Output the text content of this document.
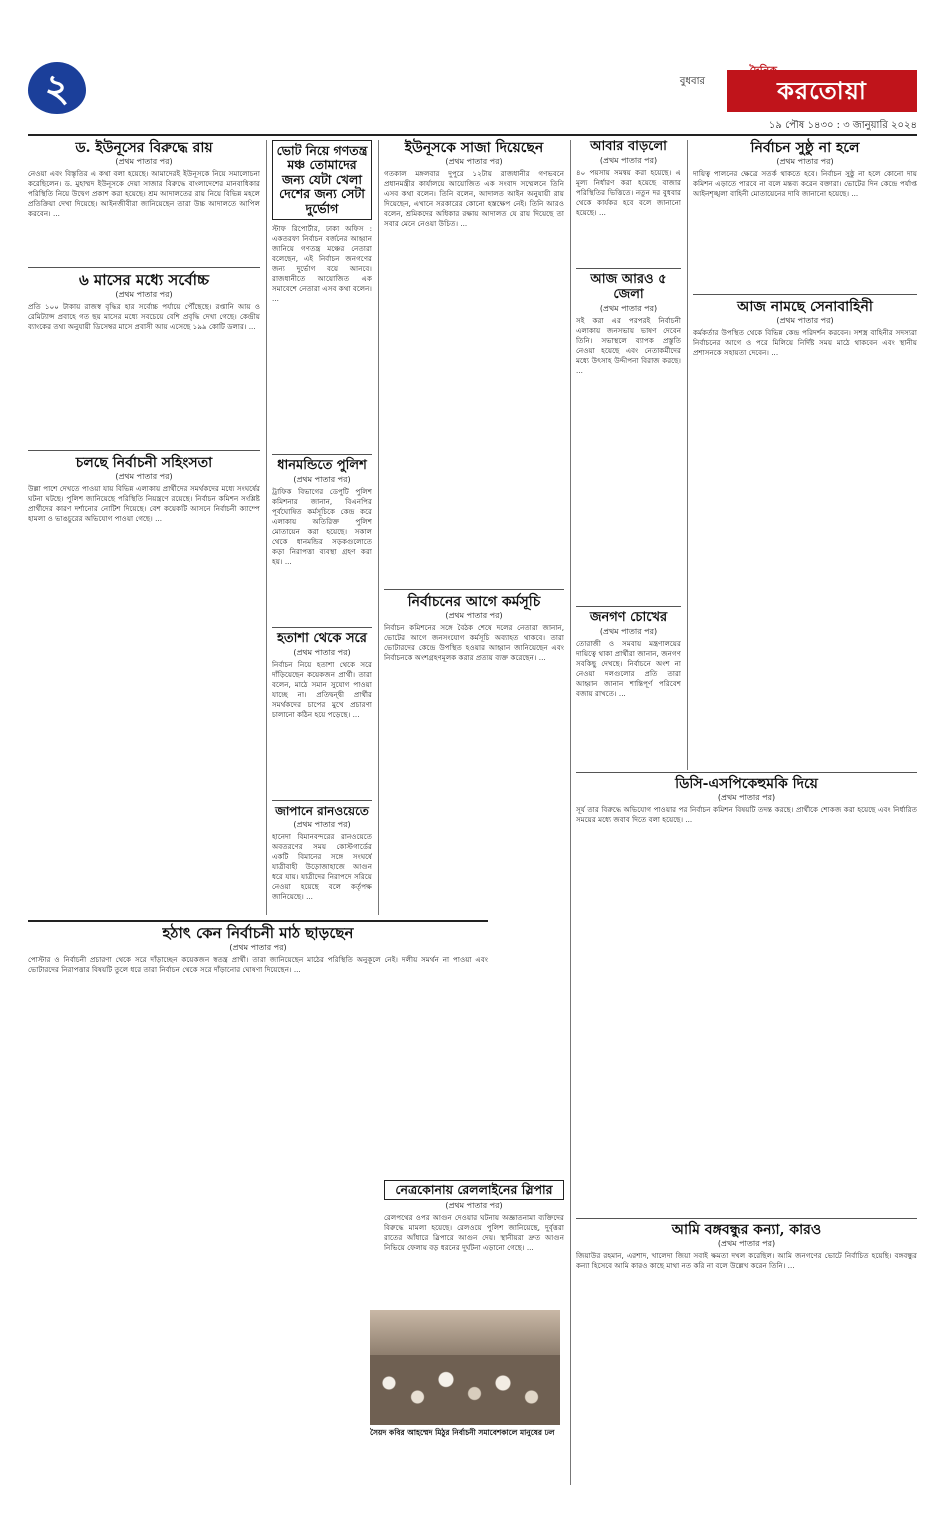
২	বুধবার	করতোয়া
১৯ পৌষ ১৪৩০ : ৩ জানুয়ারি ২০২৪
ড. ইউনূসের বিরুদ্ধে রায়
(প্রথম পাতার পর)
নেওয়া এবং বিস্তৃতির এ কথা বলা হয়েছে। আমাদেরই ইউনূসকে নিয়ে সমালোচনা করেছিলেন। ড. মুহাম্মদ ইউনূসকে দেয়া সাজার বিরুদ্ধে বাংলাদেশের মানবাধিকার পরিস্থিতি নিয়ে উদ্বেগ প্রকাশ করা হয়েছে। শ্রম আদালতের রায় নিয়ে বিভিন্ন মহলে প্রতিক্রিয়া দেখা দিয়েছে। আইনজীবীরা জানিয়েছেন তারা উচ্চ আদালতে আপিল করবেন। ...
৬ মাসের মধ্যে সর্বোচ্চ
(প্রথম পাতার পর)
প্রতি ১০০ টাকায় রাজস্ব বৃদ্ধির হার সর্বোচ্চ পর্যায়ে পৌঁছেছে। রপ্তানি আয় ও রেমিট্যান্স প্রবাহে গত ছয় মাসের মধ্যে সবচেয়ে বেশি প্রবৃদ্ধি দেখা গেছে। কেন্দ্রীয় ব্যাংকের তথ্য অনুযায়ী ডিসেম্বর মাসে প্রবাসী আয় এসেছে ১৯৯ কোটি ডলার। ...
চলছে নির্বাচনী সহিংসতা
(প্রথম পাতার পর)
উল্লা পাশে দেখতে পাওয়া যায় বিভিন্ন এলাকায় প্রার্থীদের সমর্থকদের মধ্যে সংঘর্ষের ঘটনা ঘটছে। পুলিশ জানিয়েছে পরিস্থিতি নিয়ন্ত্রণে রয়েছে। নির্বাচন কমিশন সংশ্লিষ্ট প্রার্থীদের কারণ দর্শানোর নোটিশ দিয়েছে। বেশ কয়েকটি আসনে নির্বাচনী ক্যাম্পে হামলা ও ভাঙচুরের অভিযোগ পাওয়া গেছে। ...
হঠাৎ কেন নির্বাচনী মাঠ ছাড়ছেন
(প্রথম পাতার পর)
পোস্টার ও নির্বাচনী প্রচারণা থেকে সরে দাঁড়াচ্ছেন কয়েকজন স্বতন্ত্র প্রার্থী। তারা জানিয়েছেন মাঠের পরিস্থিতি অনুকূলে নেই। দলীয় সমর্থন না পাওয়া এবং ভোটারদের নিরাপত্তার বিষয়টি তুলে ধরে তারা নির্বাচন থেকে সরে দাঁড়ানোর ঘোষণা দিয়েছেন। ...
ভোট নিয়ে গণতন্ত্র মঞ্চ তোমাদের জন্য যেটা খেলা দেশের জন্য সেটা দুর্ভোগ
স্টাফ রিপোর্টার, ঢাকা অফিস : একতরফা নির্বাচন বর্জনের আহ্বান জানিয়ে গণতন্ত্র মঞ্চের নেতারা বলেছেন, এই নির্বাচন জনগণের জন্য দুর্ভোগ বয়ে আনবে। রাজধানীতে আয়োজিত এক সমাবেশে নেতারা এসব কথা বলেন। ...
ধানমন্ডিতে পুলিশ
(প্রথম পাতার পর)
ট্রাফিক বিভাগের ডেপুটি পুলিশ কমিশনার জানান, বিএনপির পূর্বঘোষিত কর্মসূচিকে কেন্দ্র করে এলাকায় অতিরিক্ত পুলিশ মোতায়েন করা হয়েছে। সকাল থেকে ধানমন্ডির সড়কগুলোতে কড়া নিরাপত্তা ব্যবস্থা গ্রহণ করা হয়। ...
হতাশা থেকে সরে
(প্রথম পাতার পর)
নির্বাচন নিয়ে হতাশা থেকে সরে দাঁড়িয়েছেন কয়েকজন প্রার্থী। তারা বলেন, মাঠে সমান সুযোগ পাওয়া যাচ্ছে না। প্রতিদ্বন্দ্বী প্রার্থীর সমর্থকদের চাপের মুখে প্রচারণা চালানো কঠিন হয়ে পড়েছে। ...
জাপানে রানওয়েতে
(প্রথম পাতার পর)
হানেদা বিমানবন্দরের রানওয়েতে অবতরণের সময় কোস্টগার্ডের একটি বিমানের সঙ্গে সংঘর্ষে যাত্রীবাহী উড়োজাহাজে আগুন ধরে যায়। যাত্রীদের নিরাপদে সরিয়ে নেওয়া হয়েছে বলে কর্তৃপক্ষ জানিয়েছে। ...
ইউনূসকে সাজা দিয়েছেন
(প্রথম পাতার পর)
গতকাল মঙ্গলবার দুপুরে ১২টায় রাজধানীর গণভবনে প্রধানমন্ত্রীর কার্যালয়ে আয়োজিত এক সংবাদ সম্মেলনে তিনি এসব কথা বলেন। তিনি বলেন, আদালত আইন অনুযায়ী রায় দিয়েছেন, এখানে সরকারের কোনো হস্তক্ষেপ নেই। তিনি আরও বলেন, শ্রমিকদের অধিকার রক্ষায় আদালত যে রায় দিয়েছে তা সবার মেনে নেওয়া উচিত। ...
নির্বাচনের আগে কর্মসূচি
(প্রথম পাতার পর)
নির্বাচন কমিশনের সঙ্গে বৈঠক শেষে দলের নেতারা জানান, ভোটের আগে জনসংযোগ কর্মসূচি অব্যাহত থাকবে। তারা ভোটারদের কেন্দ্রে উপস্থিত হওয়ার আহ্বান জানিয়েছেন এবং নির্বাচনকে অংশগ্রহণমূলক করার প্রত্যয় ব্যক্ত করেছেন। ...
নেত্রকোনায় রেললাইনের স্লিপার
(প্রথম পাতার পর)
রেলপথের ওপর আগুন দেওয়ার ঘটনায় অজ্ঞাতনামা ব্যক্তিদের বিরুদ্ধে মামলা হয়েছে। রেলওয়ে পুলিশ জানিয়েছে, দুর্বৃত্তরা রাতের আঁধারে স্লিপারে আগুন দেয়। স্থানীয়রা দ্রুত আগুন নিভিয়ে ফেলায় বড় ধরনের দুর্ঘটনা এড়ানো গেছে। ...
সৈয়দ কবির আহম্মেদ মিঠুর নির্বাচনী সমাবেশকালে মানুষের ঢল
আবার বাড়লো
(প্রথম পাতার পর)
৪০ পয়সায় সমন্বয় করা হয়েছে। এ মূল্য নির্ধারণ করা হয়েছে বাজার পরিস্থিতির ভিত্তিতে। নতুন দর বুধবার থেকে কার্যকর হবে বলে জানানো হয়েছে। ...
আজ আরও ৫ জেলা
(প্রথম পাতার পর)
সই করা এর পরপরই নির্বাচনী এলাকায় জনসভায় ভাষণ দেবেন তিনি। সভাস্থলে ব্যাপক প্রস্তুতি নেওয়া হয়েছে এবং নেতাকর্মীদের মধ্যে উৎসাহ উদ্দীপনা বিরাজ করছে। ...
জনগণ চোখের
(প্রথম পাতার পর)
তোরাজী ও সমবায় মন্ত্রণালয়ের দায়িত্বে থাকা প্রার্থীরা জানান, জনগণ সবকিছু দেখছে। নির্বাচনে অংশ না নেওয়া দলগুলোর প্রতি তারা আহ্বান জানান শান্তিপূর্ণ পরিবেশ বজায় রাখতে। ...
নির্বাচন সুষ্ঠু না হলে
(প্রথম পাতার পর)
দায়িত্ব পালনের ক্ষেত্রে সতর্ক থাকতে হবে। নির্বাচন সুষ্ঠু না হলে কোনো দায় কমিশন এড়াতে পারবে না বলে মন্তব্য করেন বক্তারা। ভোটের দিন কেন্দ্রে পর্যাপ্ত আইনশৃঙ্খলা বাহিনী মোতায়েনের দাবি জানানো হয়েছে। ...
আজ নামছে সেনাবাহিনী
(প্রথম পাতার পর)
কর্মকর্তার উপস্থিত থেকে বিভিন্ন কেন্দ্র পরিদর্শন করবেন। সশস্ত্র বাহিনীর সদস্যরা নির্বাচনের আগে ও পরে মিলিয়ে নির্দিষ্ট সময় মাঠে থাকবেন এবং স্থানীয় প্রশাসনকে সহায়তা দেবেন। ...
ডিসি-এসপিকেহুমকি দিয়ে
(প্রথম পাতার পর)
সূর্য তার বিরুদ্ধে অভিযোগ পাওয়ার পর নির্বাচন কমিশন বিষয়টি তদন্ত করছে। প্রার্থীকে শোকজ করা হয়েছে এবং নির্ধারিত সময়ের মধ্যে জবাব দিতে বলা হয়েছে। ...
আমি বঙ্গবন্ধুর কন্যা, কারও
(প্রথম পাতার পর)
জিয়াউর রহমান, এরশাদ, খালেদা জিয়া সবাই ক্ষমতা দখল করেছিল। আমি জনগণের ভোটে নির্বাচিত হয়েছি। বঙ্গবন্ধুর কন্যা হিসেবে আমি কারও কাছে মাথা নত করি না বলে উল্লেখ করেন তিনি। ...
